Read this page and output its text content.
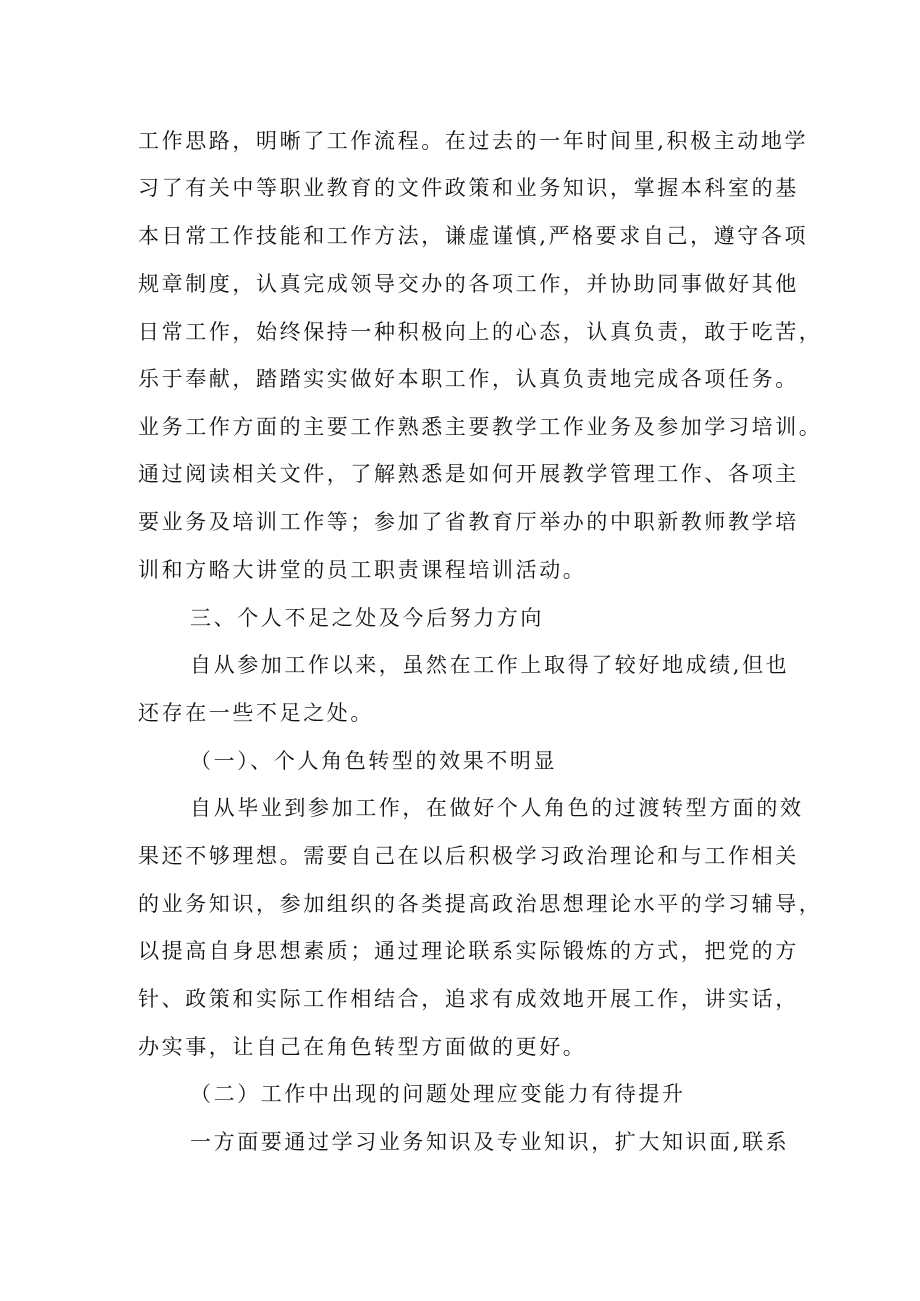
工作思路，明晰了工作流程。在过去的一年时间里,积极主动地学
习了有关中等职业教育的文件政策和业务知识，掌握本科室的基
本日常工作技能和工作方法，谦虚谨慎,严格要求自己，遵守各项
规章制度，认真完成领导交办的各项工作，并协助同事做好其他
日常工作，始终保持一种积极向上的心态，认真负责，敢于吃苦，
乐于奉献，踏踏实实做好本职工作，认真负责地完成各项任务。
业务工作方面的主要工作熟悉主要教学工作业务及参加学习培训。
通过阅读相关文件，了解熟悉是如何开展教学管理工作、各项主
要业务及培训工作等；参加了省教育厅举办的中职新教师教学培
训和方略大讲堂的员工职责课程培训活动。
三、个人不足之处及今后努力方向
自从参加工作以来，虽然在工作上取得了较好地成绩,但也
还存在一些不足之处。
（一）、个人角色转型的效果不明显
自从毕业到参加工作，在做好个人角色的过渡转型方面的效
果还不够理想。需要自己在以后积极学习政治理论和与工作相关
的业务知识，参加组织的各类提高政治思想理论水平的学习辅导，
以提高自身思想素质；通过理论联系实际锻炼的方式，把党的方
针、政策和实际工作相结合，追求有成效地开展工作，讲实话，
办实事，让自己在角色转型方面做的更好。
（二）工作中出现的问题处理应变能力有待提升
一方面要通过学习业务知识及专业知识，扩大知识面,联系
